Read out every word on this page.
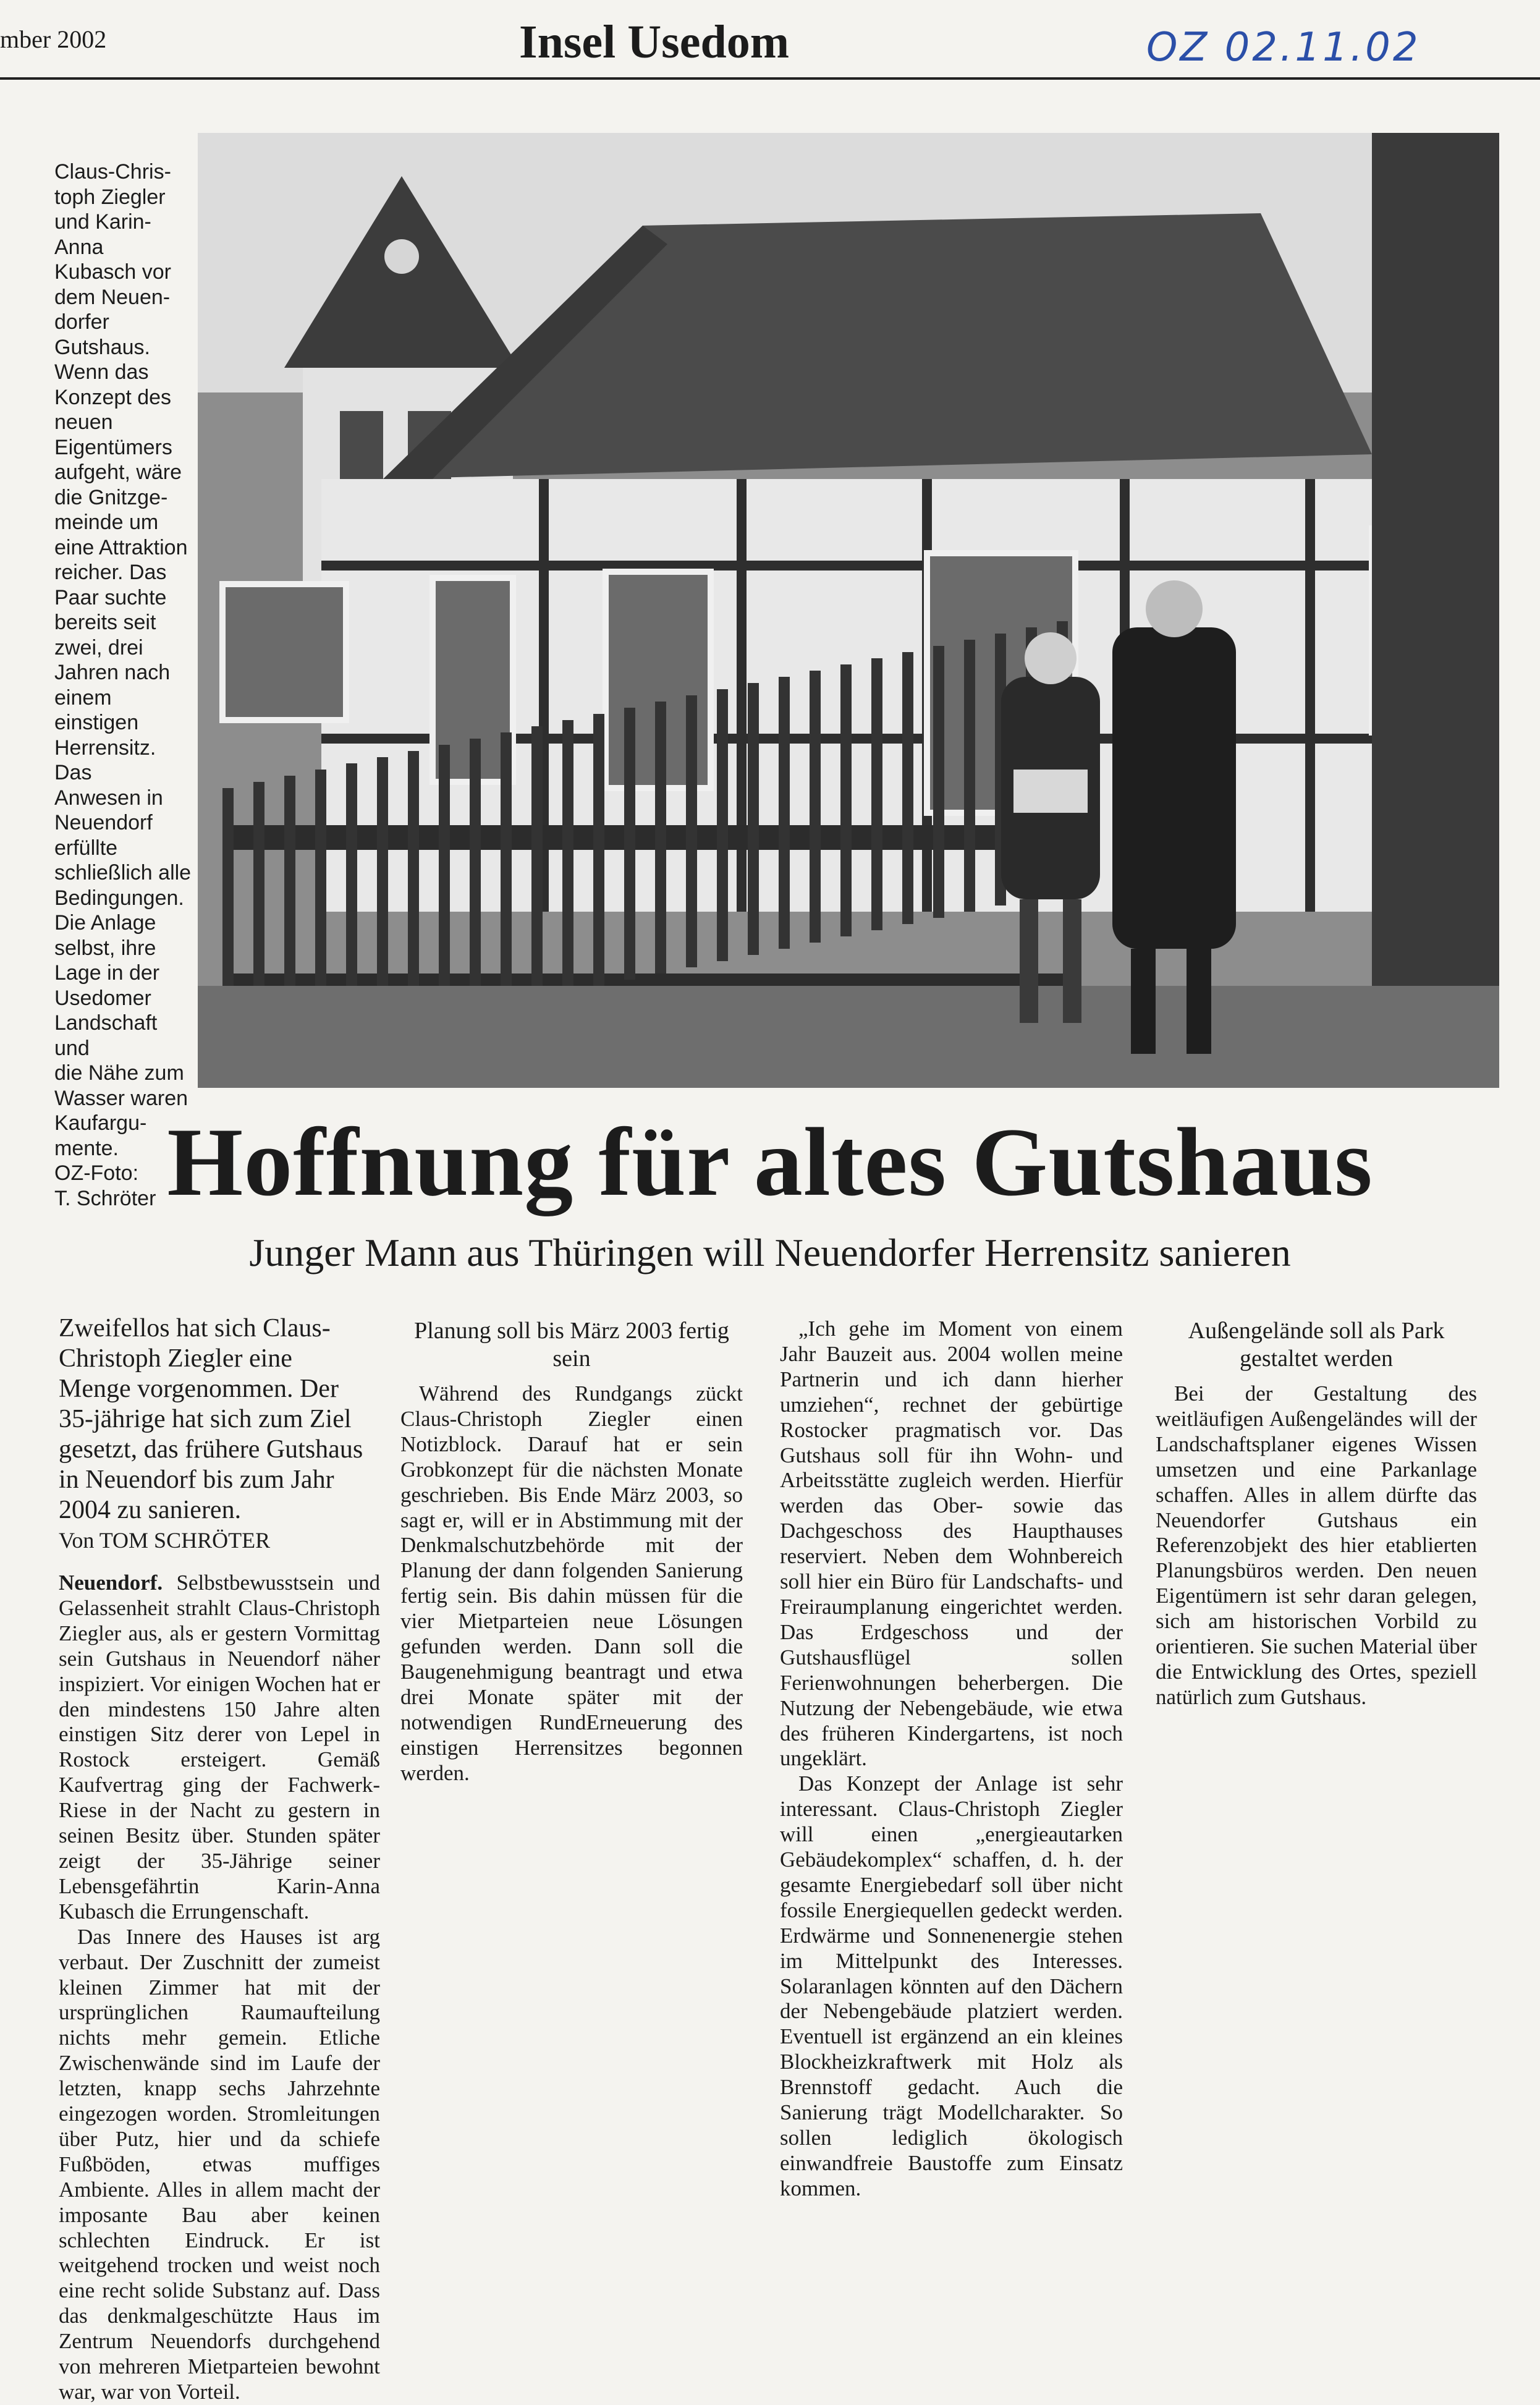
mber 2002	Insel Usedom	OZ 02.11.02
Claus-Chris-
toph Ziegler
und Karin-Anna
Kubasch vor
dem Neuen-
dorfer
Gutshaus.
Wenn das
Konzept des
neuen
Eigentümers
aufgeht, wäre
die Gnitzge-
meinde um
eine Attraktion
reicher. Das
Paar suchte
bereits seit
zwei, drei
Jahren nach
einem einstigen
Herrensitz. Das
Anwesen in
Neuendorf
erfüllte
schließlich alle
Bedingungen.
Die Anlage
selbst, ihre
Lage in der
Usedomer
Landschaft und
die Nähe zum
Wasser waren
Kaufargu-
mente.
OZ-Foto:
T. Schröter Hoffnung für altes Gutshaus
Junger Mann aus Thüringen will Neuendorfer Herrensitz sanieren

Zweifellos hat sich Claus-Christoph Ziegler eine Menge vorgenommen. Der 35-jährige hat sich zum Ziel gesetzt, das frühere Gutshaus in Neuendorf bis zum Jahr 2004 zu sanieren.

Von TOM SCHRÖTER

Neuendorf. Selbstbewusstsein und Gelassenheit strahlt Claus-Christoph Ziegler aus, als er gestern Vormittag sein Gutshaus in Neuendorf näher inspiziert. Vor einigen Wochen hat er den mindestens 150 Jahre alten einstigen Sitz derer von Lepel in Rostock ersteigert. Gemäß Kaufvertrag ging der Fachwerk-Riese in der Nacht zu gestern in seinen Besitz über. Stunden später zeigt der 35-Jährige seiner Lebensgefährtin Karin-Anna Kubasch die Errungenschaft.

Das Innere des Hauses ist arg verbaut. Der Zuschnitt der zumeist kleinen Zimmer hat mit der ursprünglichen Raumaufteilung nichts mehr gemein. Etliche Zwischenwände sind im Laufe der letzten, knapp sechs Jahrzehnte eingezogen worden. Stromleitungen über Putz, hier und da schiefe Fußböden, etwas muffiges Ambiente. Alles in allem macht der imposante Bau aber keinen schlechten Eindruck. Er ist weitgehend trocken und weist noch eine recht solide Substanz auf. Dass das denkmalgeschützte Haus im Zentrum Neuendorfs durchgehend von mehreren Mietparteien bewohnt war, war von Vorteil.

Planung soll bis März 2003 fertig sein

Während des Rundgangs zückt Claus-Christoph Ziegler einen Notizblock. Darauf hat er sein Grobkonzept für die nächsten Monate geschrieben. Bis Ende März 2003, so sagt er, will er in Abstimmung mit der Denkmalschutzbehörde mit der Planung der dann folgenden Sanierung fertig sein. Bis dahin müssen für die vier Mietparteien neue Lösungen gefunden werden. Dann soll die Baugenehmigung beantragt und etwa drei Monate später mit der notwendigen RundErneuerung des einstigen Herrensitzes begonnen werden.

„Ich gehe im Moment von einem Jahr Bauzeit aus. 2004 wollen meine Partnerin und ich dann hierher umziehen“, rechnet der gebürtige Rostocker pragmatisch vor. Das Gutshaus soll für ihn Wohn- und Arbeitsstätte zugleich werden. Hierfür werden das Ober- sowie das Dachgeschoss des Haupthauses reserviert. Neben dem Wohnbereich soll hier ein Büro für Landschafts- und Freiraumplanung eingerichtet werden. Das Erdgeschoss und der Gutshausflügel sollen Ferienwohnungen beherbergen. Die Nutzung der Nebengebäude, wie etwa des früheren Kindergartens, ist noch ungeklärt.

Das Konzept der Anlage ist sehr interessant. Claus-Christoph Ziegler will einen „energieautarken Gebäudekomplex“ schaffen, d. h. der gesamte Energiebedarf soll über nicht fossile Energiequellen gedeckt werden. Erdwärme und Sonnenenergie stehen im Mittelpunkt des Interesses. Solaranlagen könnten auf den Dächern der Nebengebäude platziert werden. Eventuell ist ergänzend an ein kleines Blockheizkraftwerk mit Holz als Brennstoff gedacht. Auch die Sanierung trägt Modellcharakter. So sollen lediglich ökologisch einwandfreie Baustoffe zum Einsatz kommen.

Außengelände soll als Park gestaltet werden

Bei der Gestaltung des weitläufigen Außengeländes will der Landschaftsplaner eigenes Wissen umsetzen und eine Parkanlage schaffen. Alles in allem dürfte das Neuendorfer Gutshaus ein Referenzobjekt des hier etablierten Planungsbüros werden. Den neuen Eigentümern ist sehr daran gelegen, sich am historischen Vorbild zu orientieren. Sie suchen Material über die Entwicklung des Ortes, speziell natürlich zum Gutshaus.
